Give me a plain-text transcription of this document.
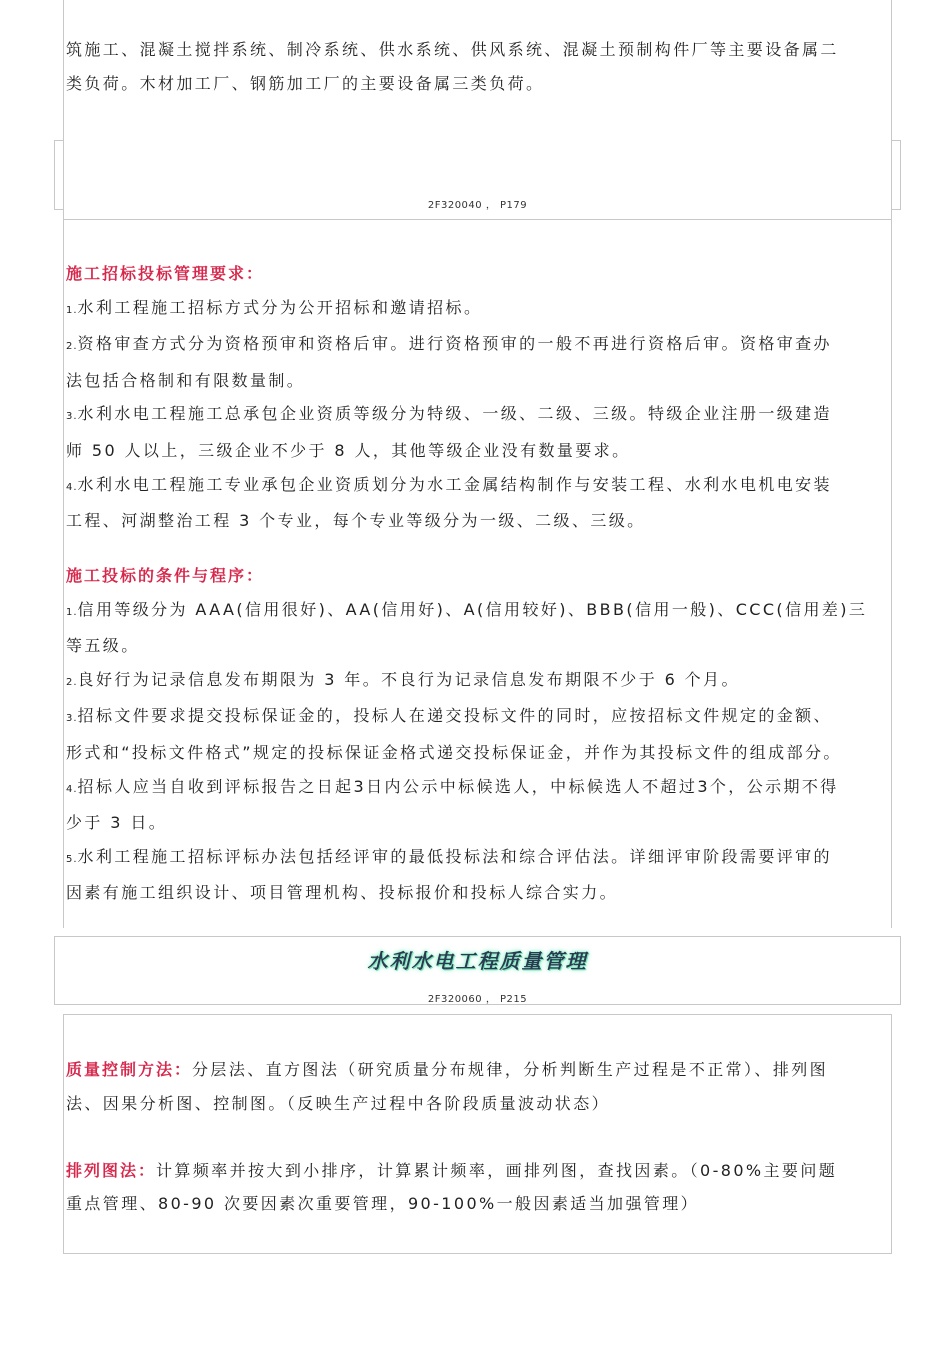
筑施工、混凝土搅拌系统、制冷系统、供水系统、供风系统、混凝土预制构件厂等主要设备属二

类负荷。木材加工厂、钢筋加工厂的主要设备属三类负荷。

2F320040 ， P179

施工招标投标管理要求：

1.水利工程施工招标方式分为公开招标和邀请招标。

2.资格审查方式分为资格预审和资格后审。进行资格预审的一般不再进行资格后审。资格审查办

法包括合格制和有限数量制。

3.水利水电工程施工总承包企业资质等级分为特级、一级、二级、三级。特级企业注册一级建造

师 50 人以上，三级企业不少于 8 人，其他等级企业没有数量要求。

4.水利水电工程施工专业承包企业资质划分为水工金属结构制作与安装工程、水利水电机电安装

工程、河湖整治工程 3 个专业，每个专业等级分为一级、二级、三级。

施工投标的条件与程序：

1.信用等级分为 AAA(信用很好)、AA(信用好)、A(信用较好)、BBB(信用一般)、CCC(信用差)三

等五级。

2.良好行为记录信息发布期限为 3 年。不良行为记录信息发布期限不少于 6 个月。

3.招标文件要求提交投标保证金的，投标人在递交投标文件的同时，应按招标文件规定的金额、

形式和“投标文件格式”规定的投标保证金格式递交投标保证金，并作为其投标文件的组成部分。

4.招标人应当自收到评标报告之日起3日内公示中标候选人，中标候选人不超过3个，公示期不得

少于 3 日。

5.水利工程施工招标评标办法包括经评审的最低投标法和综合评估法。详细评审阶段需要评审的

因素有施工组织设计、项目管理机构、投标报价和投标人综合实力。

水利水电工程质量管理
2F320060 ， P215

质量控制方法：分层法、直方图法（研究质量分布规律，分析判断生产过程是不正常）、排列图

法、因果分析图、控制图。（反映生产过程中各阶段质量波动状态）

排列图法：计算频率并按大到小排序，计算累计频率，画排列图，查找因素。（0-80%主要问题

重点管理、80-90 次要因素次重要管理，90-100%一般因素适当加强管理）
